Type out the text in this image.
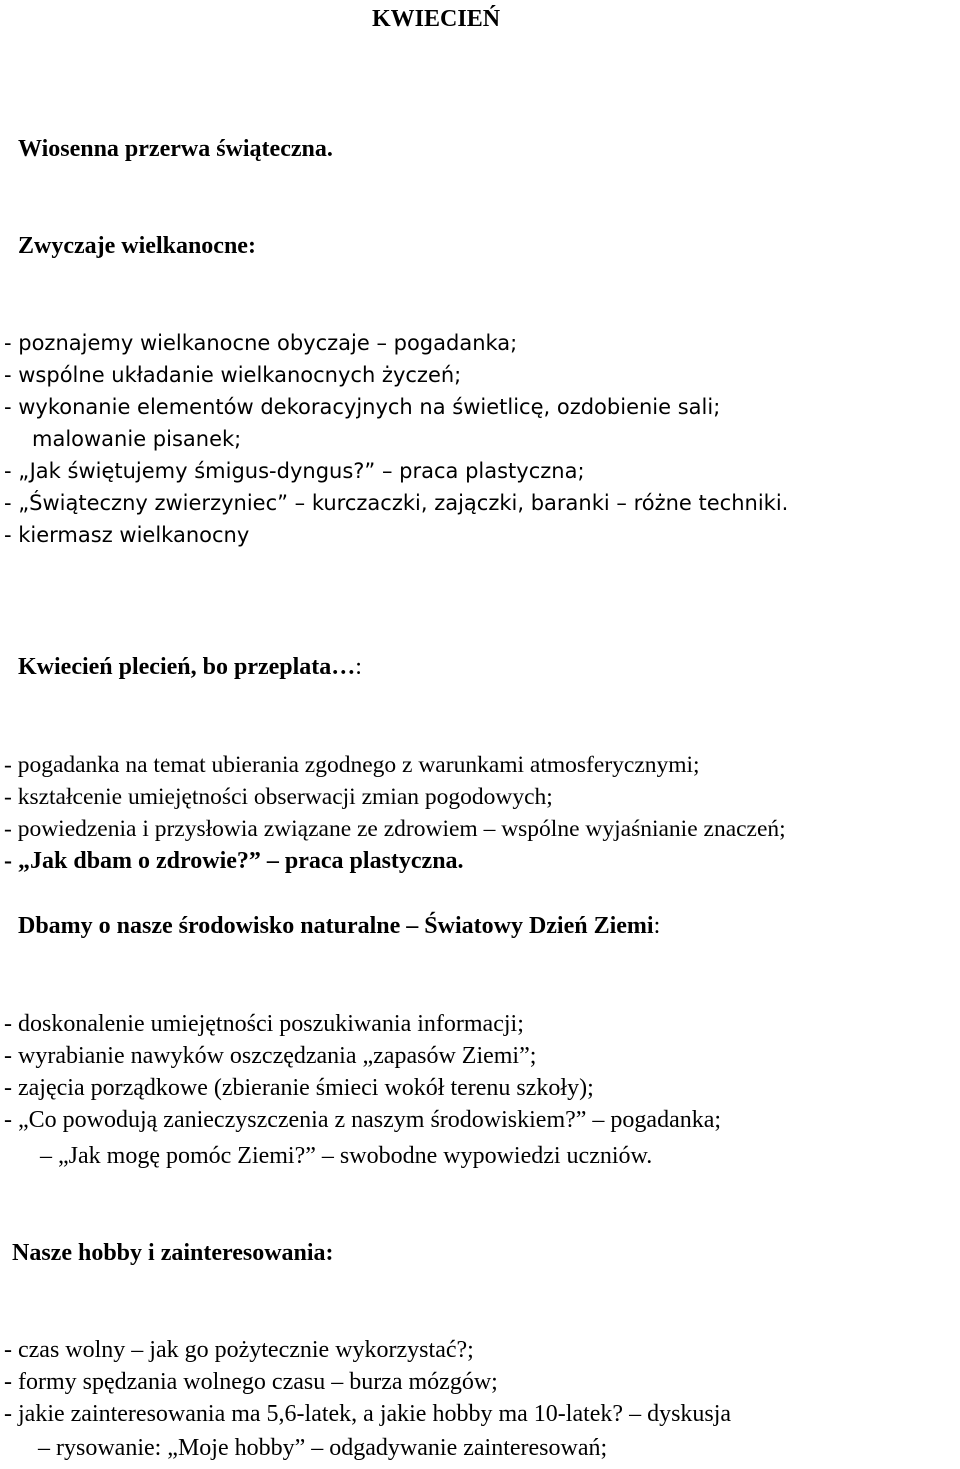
KWIECIEŃ
Wiosenna przerwa świąteczna.
Zwyczaje wielkanocne:
- poznajemy wielkanocne obyczaje – pogadanka;
- wspólne układanie wielkanocnych życzeń;
- wykonanie elementów dekoracyjnych na świetlicę, ozdobienie sali;
malowanie pisanek;
- „Jak świętujemy śmigus-dyngus?” – praca plastyczna;
- „Świąteczny zwierzyniec” – kurczaczki, zajączki, baranki – różne techniki.
- kiermasz wielkanocny
Kwiecień plecień, bo przeplata…:
- pogadanka na temat ubierania zgodnego z warunkami atmosferycznymi;
- kształcenie umiejętności obserwacji zmian pogodowych;
- powiedzenia i przysłowia związane ze zdrowiem – wspólne wyjaśnianie znaczeń;
- „Jak dbam o zdrowie?” – praca plastyczna.
Dbamy o nasze środowisko naturalne – Światowy Dzień Ziemi:
- doskonalenie umiejętności poszukiwania informacji;
- wyrabianie nawyków oszczędzania „zapasów Ziemi”;
- zajęcia porządkowe (zbieranie śmieci wokół terenu szkoły);
- „Co powodują zanieczyszczenia z naszym środowiskiem?” – pogadanka;
– „Jak mogę pomóc Ziemi?” – swobodne wypowiedzi uczniów.
Nasze hobby i zainteresowania:
- czas wolny – jak go pożytecznie wykorzystać?;
- formy spędzania wolnego czasu – burza mózgów;
- jakie zainteresowania ma 5,6-latek, a jakie hobby ma 10-latek? – dyskusja
– rysowanie: „Moje hobby” – odgadywanie zainteresowań;
